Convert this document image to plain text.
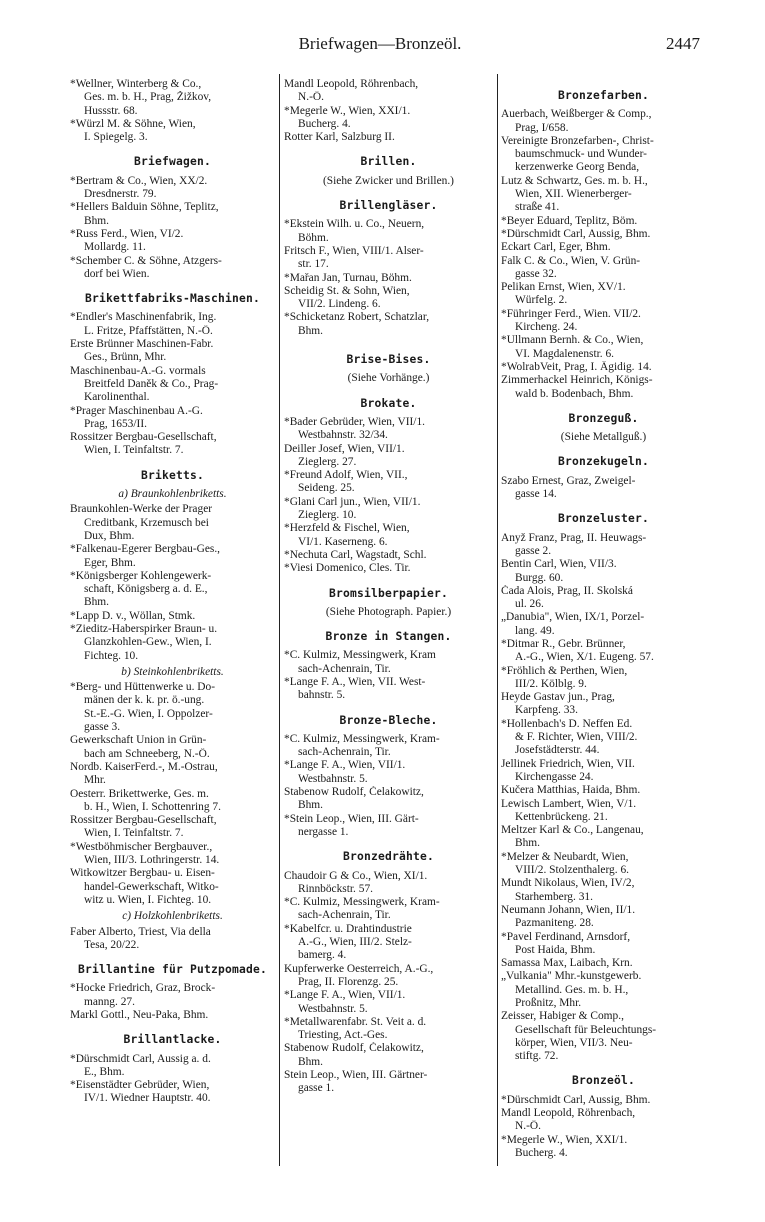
Briefwagen—Bronzeöl.	2447
*Wellner, Winterberg & Co.,
Ges. m. b. H., Prag, Žižkov,
Hussstr. 68.
*Würzl M. & Söhne, Wien,
I. Spiegelg. 3.
Briefwagen.
*Bertram & Co., Wien, XX/2.
Dresdnerstr. 79.
*Hellers Balduin Söhne, Teplitz,
Bhm.
*Russ Ferd., Wien, VI/2.
Mollardg. 11.
*Schember C. & Söhne, Atzgers-
dorf bei Wien.
Brikettfabriks-Maschinen.
*Endler's Maschinenfabrik, Ing.
L. Fritze, Pfaffstätten, N.-Ö.
Erste Brünner Maschinen-Fabr.
Ges., Brünn, Mhr.
Maschinenbau-A.-G. vormals
Breitfeld Daněk & Co., Prag-
Karolinenthal.
*Prager Maschinenbau A.-G.
Prag, 1653/II.
Rossitzer Bergbau-Gesellschaft,
Wien, I. Teinfaltstr. 7.
Briketts.
a) Braunkohlenbriketts.
Braunkohlen-Werke der Prager
Creditbank, Krzemusch bei
Dux, Bhm.
*Falkenau-Egerer Bergbau-Ges.,
Eger, Bhm.
*Königsberger Kohlengewerk-
schaft, Königsberg a. d. E.,
Bhm.
*Lapp D. v., Wöllan, Stmk.
*Zieditz-Haberspirker Braun- u.
Glanzkohlen-Gew., Wien, I.
Fichteg. 10.
b) Steinkohlenbriketts.
*Berg- und Hüttenwerke u. Do-
mänen der k. k. pr. ö.-ung.
St.-E.-G. Wien, I. Oppolzer-
gasse 3.
Gewerkschaft Union in Grün-
bach am Schneeberg, N.-Ö.
Nordb. KaiserFerd.-, M.-Ostrau,
Mhr.
Oesterr. Brikettwerke, Ges. m.
b. H., Wien, I. Schottenring 7.
Rossitzer Bergbau-Gesellschaft,
Wien, I. Teinfaltstr. 7.
*Westböhmischer Bergbauver.,
Wien, III/3. Lothringerstr. 14.
Witkowitzer Bergbau- u. Eisen-
handel-Gewerkschaft, Witko-
witz u. Wien, I. Fichteg. 10.
c) Holzkohlenbriketts.
Faber Alberto, Triest, Via della
Tesa, 20/22.
Brillantine für Putzpomade.
*Hocke Friedrich, Graz, Brock-
manng. 27.
Markl Gottl., Neu-Paka, Bhm.
Brillantlacke.
*Dürschmidt Carl, Aussig a. d.
E., Bhm.
*Eisenstädter Gebrüder, Wien,
IV/1. Wiedner Hauptstr. 40.
Mandl Leopold, Röhrenbach,
N.-Ö.
*Megerle W., Wien, XXI/1.
Bucherg. 4.
Rotter Karl, Salzburg II.
Brillen.
(Siehe Zwicker und Brillen.)
Brillengläser.
*Ekstein Wilh. u. Co., Neuern,
Böhm.
Fritsch F., Wien, VIII/1. Alser-
str. 17.
*Mařan Jan, Turnau, Böhm.
Scheidig St. & Sohn, Wien,
VII/2. Lindeng. 6.
*Schicketanz Robert, Schatzlar,
Bhm.
Brise-Bises.
(Siehe Vorhänge.)
Brokate.
*Bader Gebrüder, Wien, VII/1.
Westbahnstr. 32/34.
Deiller Josef, Wien, VII/1.
Zieglerg. 27.
*Freund Adolf, Wien, VII.,
Seideng. 25.
*Glani Carl jun., Wien, VII/1.
Zieglerg. 10.
*Herzfeld & Fischel, Wien,
VI/1. Kaserneng. 6.
*Nechuta Carl, Wagstadt, Schl.
*Viesi Domenico, Cles. Tir.
Bromsilberpapier.
(Siehe Photograph. Papier.)
Bronze in Stangen.
*C. Kulmiz, Messingwerk, Kram
sach-Achenrain, Tir.
*Lange F. A., Wien, VII. West-
bahnstr. 5.
Bronze-Bleche.
*C. Kulmiz, Messingwerk, Kram-
sach-Achenrain, Tir.
*Lange F. A., Wien, VII/1.
Westbahnstr. 5.
Stabenow Rudolf, Čelakowitz,
Bhm.
*Stein Leop., Wien, III. Gärt-
nergasse 1.
Bronzedrähte.
Chaudoir G & Co., Wien, XI/1.
Rinnböckstr. 57.
*C. Kulmiz, Messingwerk, Kram-
sach-Achenrain, Tir.
*Kabelfcr. u. Drahtindustrie
A.-G., Wien, III/2. Stelz-
bamerg. 4.
Kupferwerke Oesterreich, A.-G.,
Prag, II. Florenzg. 25.
*Lange F. A., Wien, VII/1.
Westbahnstr. 5.
*Metallwarenfabr. St. Veit a. d.
Triesting, Act.-Ges.
Stabenow Rudolf, Čelakowitz,
Bhm.
Stein Leop., Wien, III. Gärtner-
gasse 1.
Bronzefarben.
Auerbach, Weißberger & Comp.,
Prag, I/658.
Vereinigte Bronzefarben-, Christ-
baumschmuck- und Wunder-
kerzenwerke Georg Benda,
Lutz & Schwartz, Ges. m. b. H.,
Wien, XII. Wienerberger-
straße 41.
*Beyer Eduard, Teplitz, Böm.
*Dürschmidt Carl, Aussig, Bhm.
Eckart Carl, Eger, Bhm.
Falk C. & Co., Wien, V. Grün-
gasse 32.
Pelikan Ernst, Wien, XV/1.
Würfelg. 2.
*Führinger Ferd., Wien. VII/2.
Kircheng. 24.
*Ullmann Bernh. & Co., Wien,
VI. Magdalenenstr. 6.
*WolrabVeit, Prag, I. Ägidig. 14.
Zimmerhackel Heinrich, Königs-
wald b. Bodenbach, Bhm.
Bronzeguß.
(Siehe Metallguß.)
Bronzekugeln.
Szabo Ernest, Graz, Zweigel-
gasse 14.
Bronzeluster.
Anyž Franz, Prag, II. Heuwags-
gasse 2.
Bentin Carl, Wien, VII/3.
Burgg. 60.
Čada Alois, Prag, II. Skolská
ul. 26.
„Danubia", Wien, IX/1, Porzel-
lang. 49.
*Ditmar R., Gebr. Brünner,
A.-G., Wien, X/1. Eugeng. 57.
*Fröhlich & Perthen, Wien,
III/2. Kölblg. 9.
Heyde Gastav jun., Prag,
Karpfeng. 33.
*Hollenbach's D. Neffen Ed.
& F. Richter, Wien, VIII/2.
Josefstädterstr. 44.
Jellinek Friedrich, Wien, VII.
Kirchengasse 24.
Kučera Matthias, Haida, Bhm.
Lewisch Lambert, Wien, V/1.
Kettenbrückeng. 21.
Meltzer Karl & Co., Langenau,
Bhm.
*Melzer & Neubardt, Wien,
VIII/2. Stolzenthalerg. 6.
Mundt Nikolaus, Wien, IV/2,
Starhemberg. 31.
Neumann Johann, Wien, II/1.
Pazmaniteng. 28.
*Pavel Ferdinand, Arnsdorf,
Post Haida, Bhm.
Samassa Max, Laibach, Krn.
„Vulkania" Mhr.-kunstgewerb.
Metallind. Ges. m. b. H.,
Proßnitz, Mhr.
Zeisser, Habiger & Comp.,
Gesellschaft für Beleuchtungs-
körper, Wien, VII/3. Neu-
stiftg. 72.
Bronzeöl.
*Dürschmidt Carl, Aussig, Bhm.
Mandl Leopold, Röhrenbach,
N.-Ö.
*Megerle W., Wien, XXI/1.
Bucherg. 4.
